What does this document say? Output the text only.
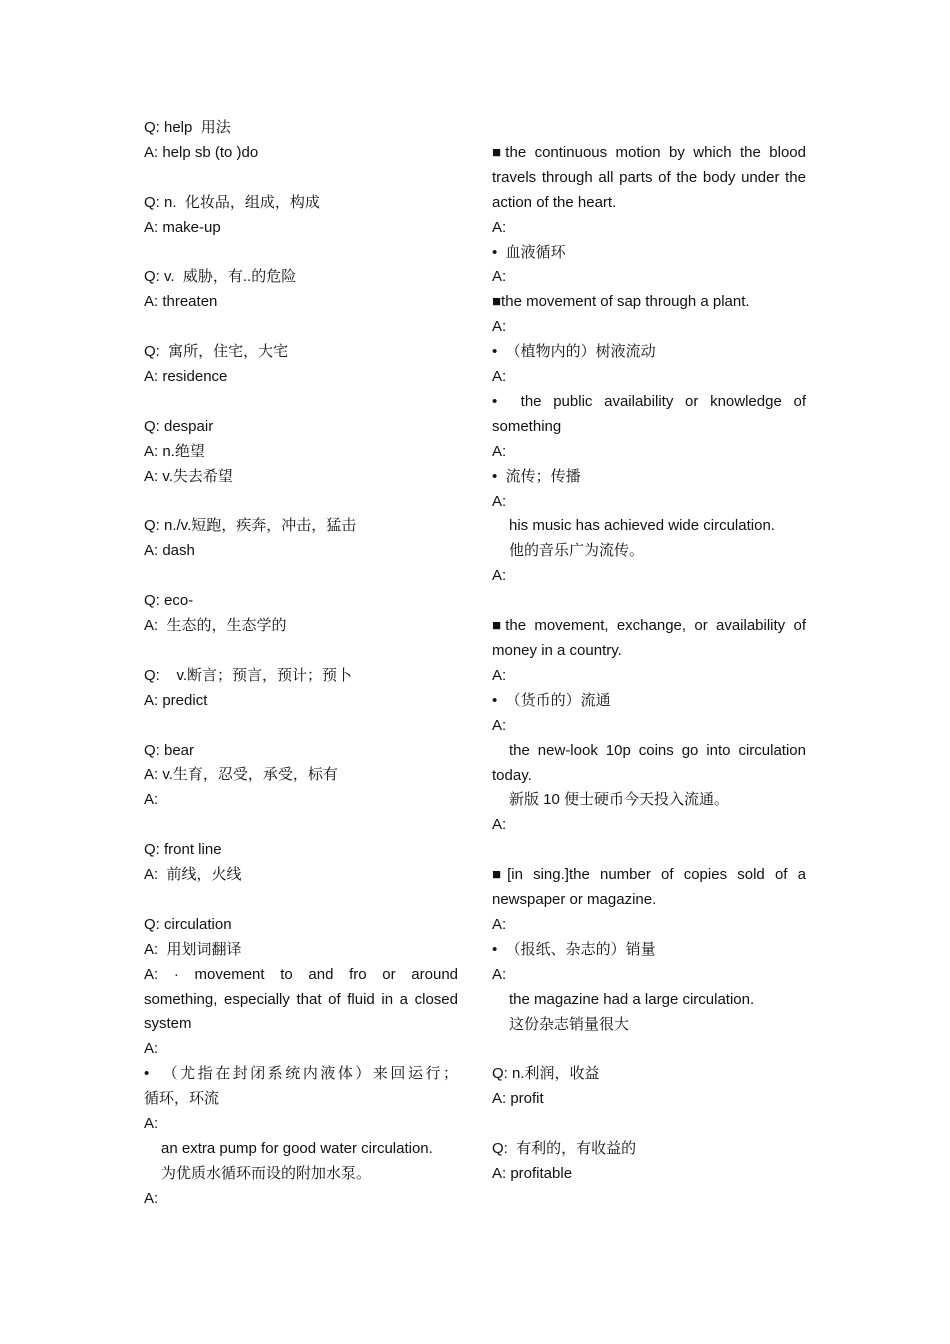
Q: help  用法
A: help sb (to )do
Q: n.  化妆品，组成，构成
A: make-up
Q: v.  威胁，有..的危险
A: threaten
Q:  寓所，住宅，大宅
A: residence
Q: despair
A: n.绝望
A: v.失去希望
Q: n./v.短跑，疾奔，冲击，猛击
A: dash
Q: eco-
A:  生态的，生态学的
Q:    v.断言；预言，预计；预卜
A: predict
Q: bear
A: v.生育，忍受，承受，标有
A:
Q: front line
A:  前线，火线
Q: circulation
A:  用划词翻译
A: · movement to and fro or around
something, especially that of fluid in a closed
system
A:
•  （尤指在封闭系统内液体）来回运行；
循环，环流
A:
an extra pump for good water circulation.
为优质水循环而设的附加水泵。
A:
■the continuous motion by which the blood
travels through all parts of the body under the
action of the heart.
A:
•  血液循环
A:
■the movement of sap through a plant.
A:
•  （植物内的）树液流动
A:
•  the public availability or knowledge of
something
A:
•  流传；传播
A:
his music has achieved wide circulation.
他的音乐广为流传。
A:
■the movement, exchange, or availability of
money in a country.
A:
•  （货币的）流通
A:
the new-look 10p coins go into circulation
today.
新版 10 便士硬币今天投入流通。
A:
■[in sing.]the number of copies sold of a
newspaper or magazine.
A:
•  （报纸、杂志的）销量
A:
the magazine had a large circulation.
这份杂志销量很大
Q: n.利润，收益
A: profit
Q:  有利的，有收益的
A: profitable
